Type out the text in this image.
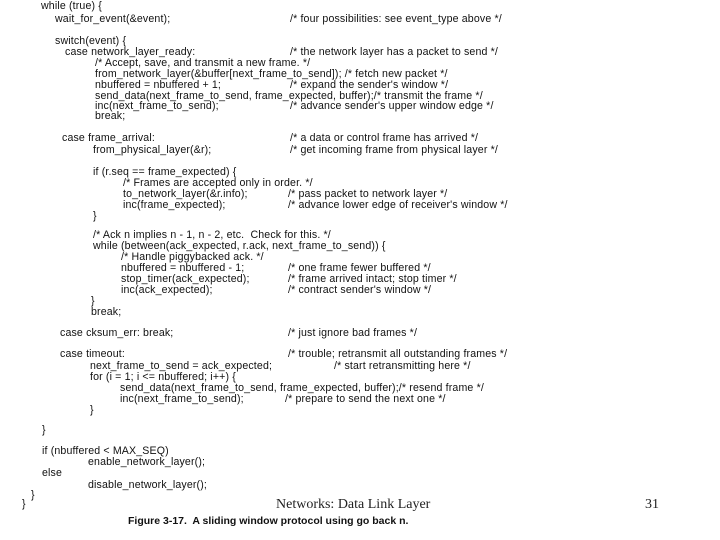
while (true) {
wait_for_event(&event);	/* four possibilities: see event_type above */
switch(event) {
case network_layer_ready:	/* the network layer has a packet to send */
/* Accept, save, and transmit a new frame. */
from_network_layer(&buffer[next_frame_to_send]); /* fetch new packet */
nbuffered = nbuffered + 1;	/* expand the sender's window */
send_data(next_frame_to_send, frame_expected, buffer);/* transmit the frame */
inc(next_frame_to_send);	/* advance sender's upper window edge */
break;
case frame_arrival:	/* a data or control frame has arrived */
from_physical_layer(&r);	/* get incoming frame from physical layer */
if (r.seq == frame_expected) {
/* Frames are accepted only in order. */
to_network_layer(&r.info);	/* pass packet to network layer */
inc(frame_expected);	/* advance lower edge of receiver's window */
}
/* Ack n implies n - 1, n - 2, etc.  Check for this. */
while (between(ack_expected, r.ack, next_frame_to_send)) {
/* Handle piggybacked ack. */
nbuffered = nbuffered - 1;	/* one frame fewer buffered */
stop_timer(ack_expected);	/* frame arrived intact; stop timer */
inc(ack_expected);	/* contract sender's window */
}
break;
case cksum_err: break;	/* just ignore bad frames */
case timeout:	/* trouble; retransmit all outstanding frames */
next_frame_to_send = ack_expected;	/* start retransmitting here */
for (i = 1; i <= nbuffered; i++) {
send_data(next_frame_to_send, frame_expected, buffer);/* resend frame */
inc(next_frame_to_send);	/* prepare to send the next one */
}
}
if (nbuffered < MAX_SEQ)
enable_network_layer();
else
disable_network_layer();
}
}	Networks: Data Link Layer	31
Figure 3-17.  A sliding window protocol using go back n.
